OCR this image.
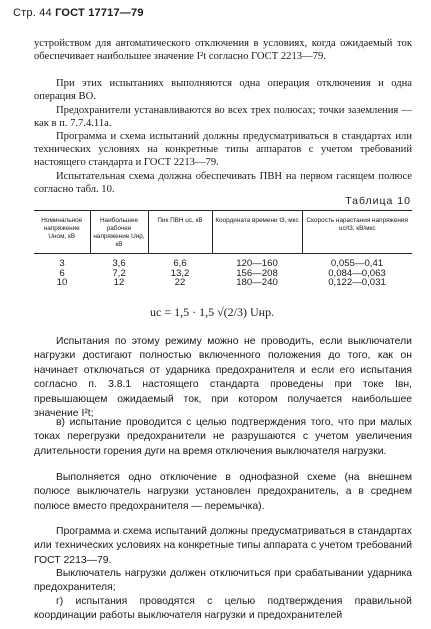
Стр. 44 ГОСТ 17717—79

устройством для автоматического отключения в условиях, когда ожидаемый ток обеспечивает наибольшее значение I²t согласно ГОСТ 2213—79.

При этих испытаниях выполняются одна операция отключения и одна операция ВО.

Предохранители устанавливаются во всех трех полюсах; точки заземления — как в п. 7.7.4.11а.

Программа и схема испытаний должны предусматриваться в стандартах или технических условиях на конкретные типы аппаратов с учетом требований настоящего стандарта и ГОСТ 2213—79.

Испытательная схема должна обеспечивать ПВН на первом гасящем полюсе согласно табл. 10.

Таблица 10
Номинальное напряжение Uном, кВ	Наибольшее рабочее напряжение Uнр, кВ	Пик ПВН uc, кВ	Координата времени t3, мкс	Скорость нарастания напряжения uc/t3, кВ/мкс
3	3,6	6,6	120—160	0,055—0,41
6	7,2	13,2	156—208	0,084—0,063
10	12	22	180—240	0,122—0,031
uc = 1,5 · 1,5 √(2/3) Uнр.

Испытания по этому режиму можно не проводить, если выключатели нагрузки достигают полностью включенного положения до того, как он начинает отключаться от ударника предохранителя и если его испытания согласно п. 3.8.1 настоящего стандарта проведены при токе Iвн, превышающем ожидаемый ток, при котором получается наибольшее значение I²t;

в) испытание проводится с целью подтверждения того, что при малых токах перегрузки предохранители не разрушаются с учетом увеличения длительности горения дуги на время отключения выключателя нагрузки.

Выполняется одно отключение в однофазной схеме (на внешнем полюсе выключатель нагрузки установлен предохранитель, а в среднем полюсе вместо предохранителя — перемычка).

Программа и схема испытаний должны предусматриваться в стандартах или технических условиях на конкретные типы аппарата с учетом требований ГОСТ 2213—79.

Выключатель нагрузки должен отключиться при срабатывании ударника предохранителя;

г) испытания проводятся с целью подтверждения правильной координации работы выключателя нагрузки и предохранителей
